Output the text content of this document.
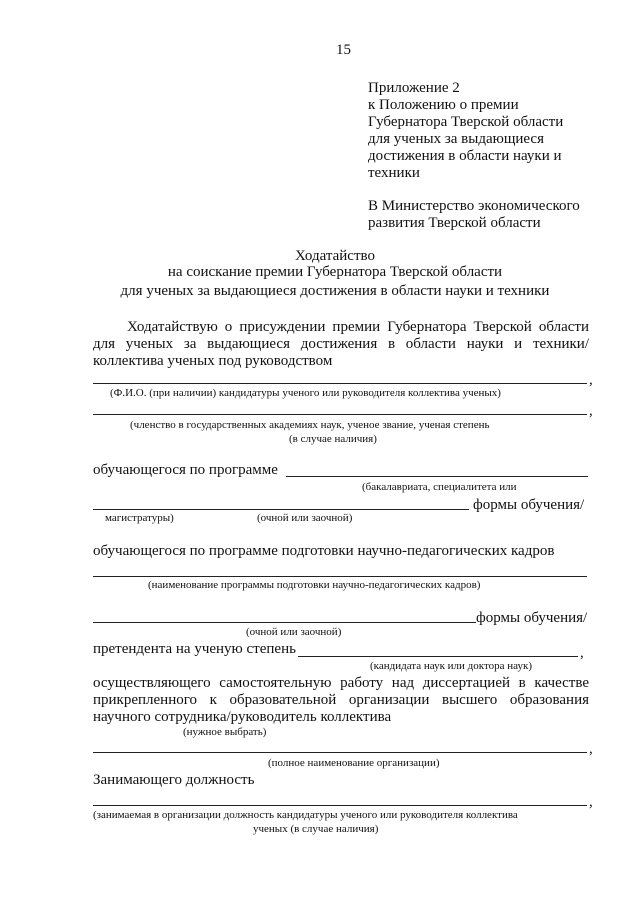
15
Приложение 2
к Положению о премии
Губернатора Тверской области
для ученых за выдающиеся
достижения в области науки и
техники
В Министерство экономического
развития Тверской области
Ходатайство
на соискание премии Губернатора Тверской области
для ученых за выдающиеся достижения в области науки и техники
Ходатайствую о присуждении премии Губернатора Тверской области
для ученых за выдающиеся достижения в области науки и техники/
коллектива ученых под руководством
,
(Ф.И.О. (при наличии) кандидатуры ученого или руководителя коллектива ученых)
,
(членство в государственных академиях наук, ученое звание, ученая степень
(в случае наличия)
обучающегося по программе
(бакалавриата, специалитета или
формы обучения/
магистратуры)	(очной или заочной)
обучающегося по программе подготовки научно-педагогических кадров
(наименование программы подготовки научно-педагогических кадров)
формы обучения/
(очной или заочной)
претендента на ученую степень	,
(кандидата наук или доктора наук)
осуществляющего самостоятельную работу над диссертацией в качестве
прикрепленного к образовательной организации высшего образования
научного сотрудника/руководитель коллектива
(нужное выбрать)
,
(полное наименование организации)
Занимающего должность
,
(занимаемая в организации должность кандидатуры ученого или руководителя коллектива
ученых (в случае наличия)
